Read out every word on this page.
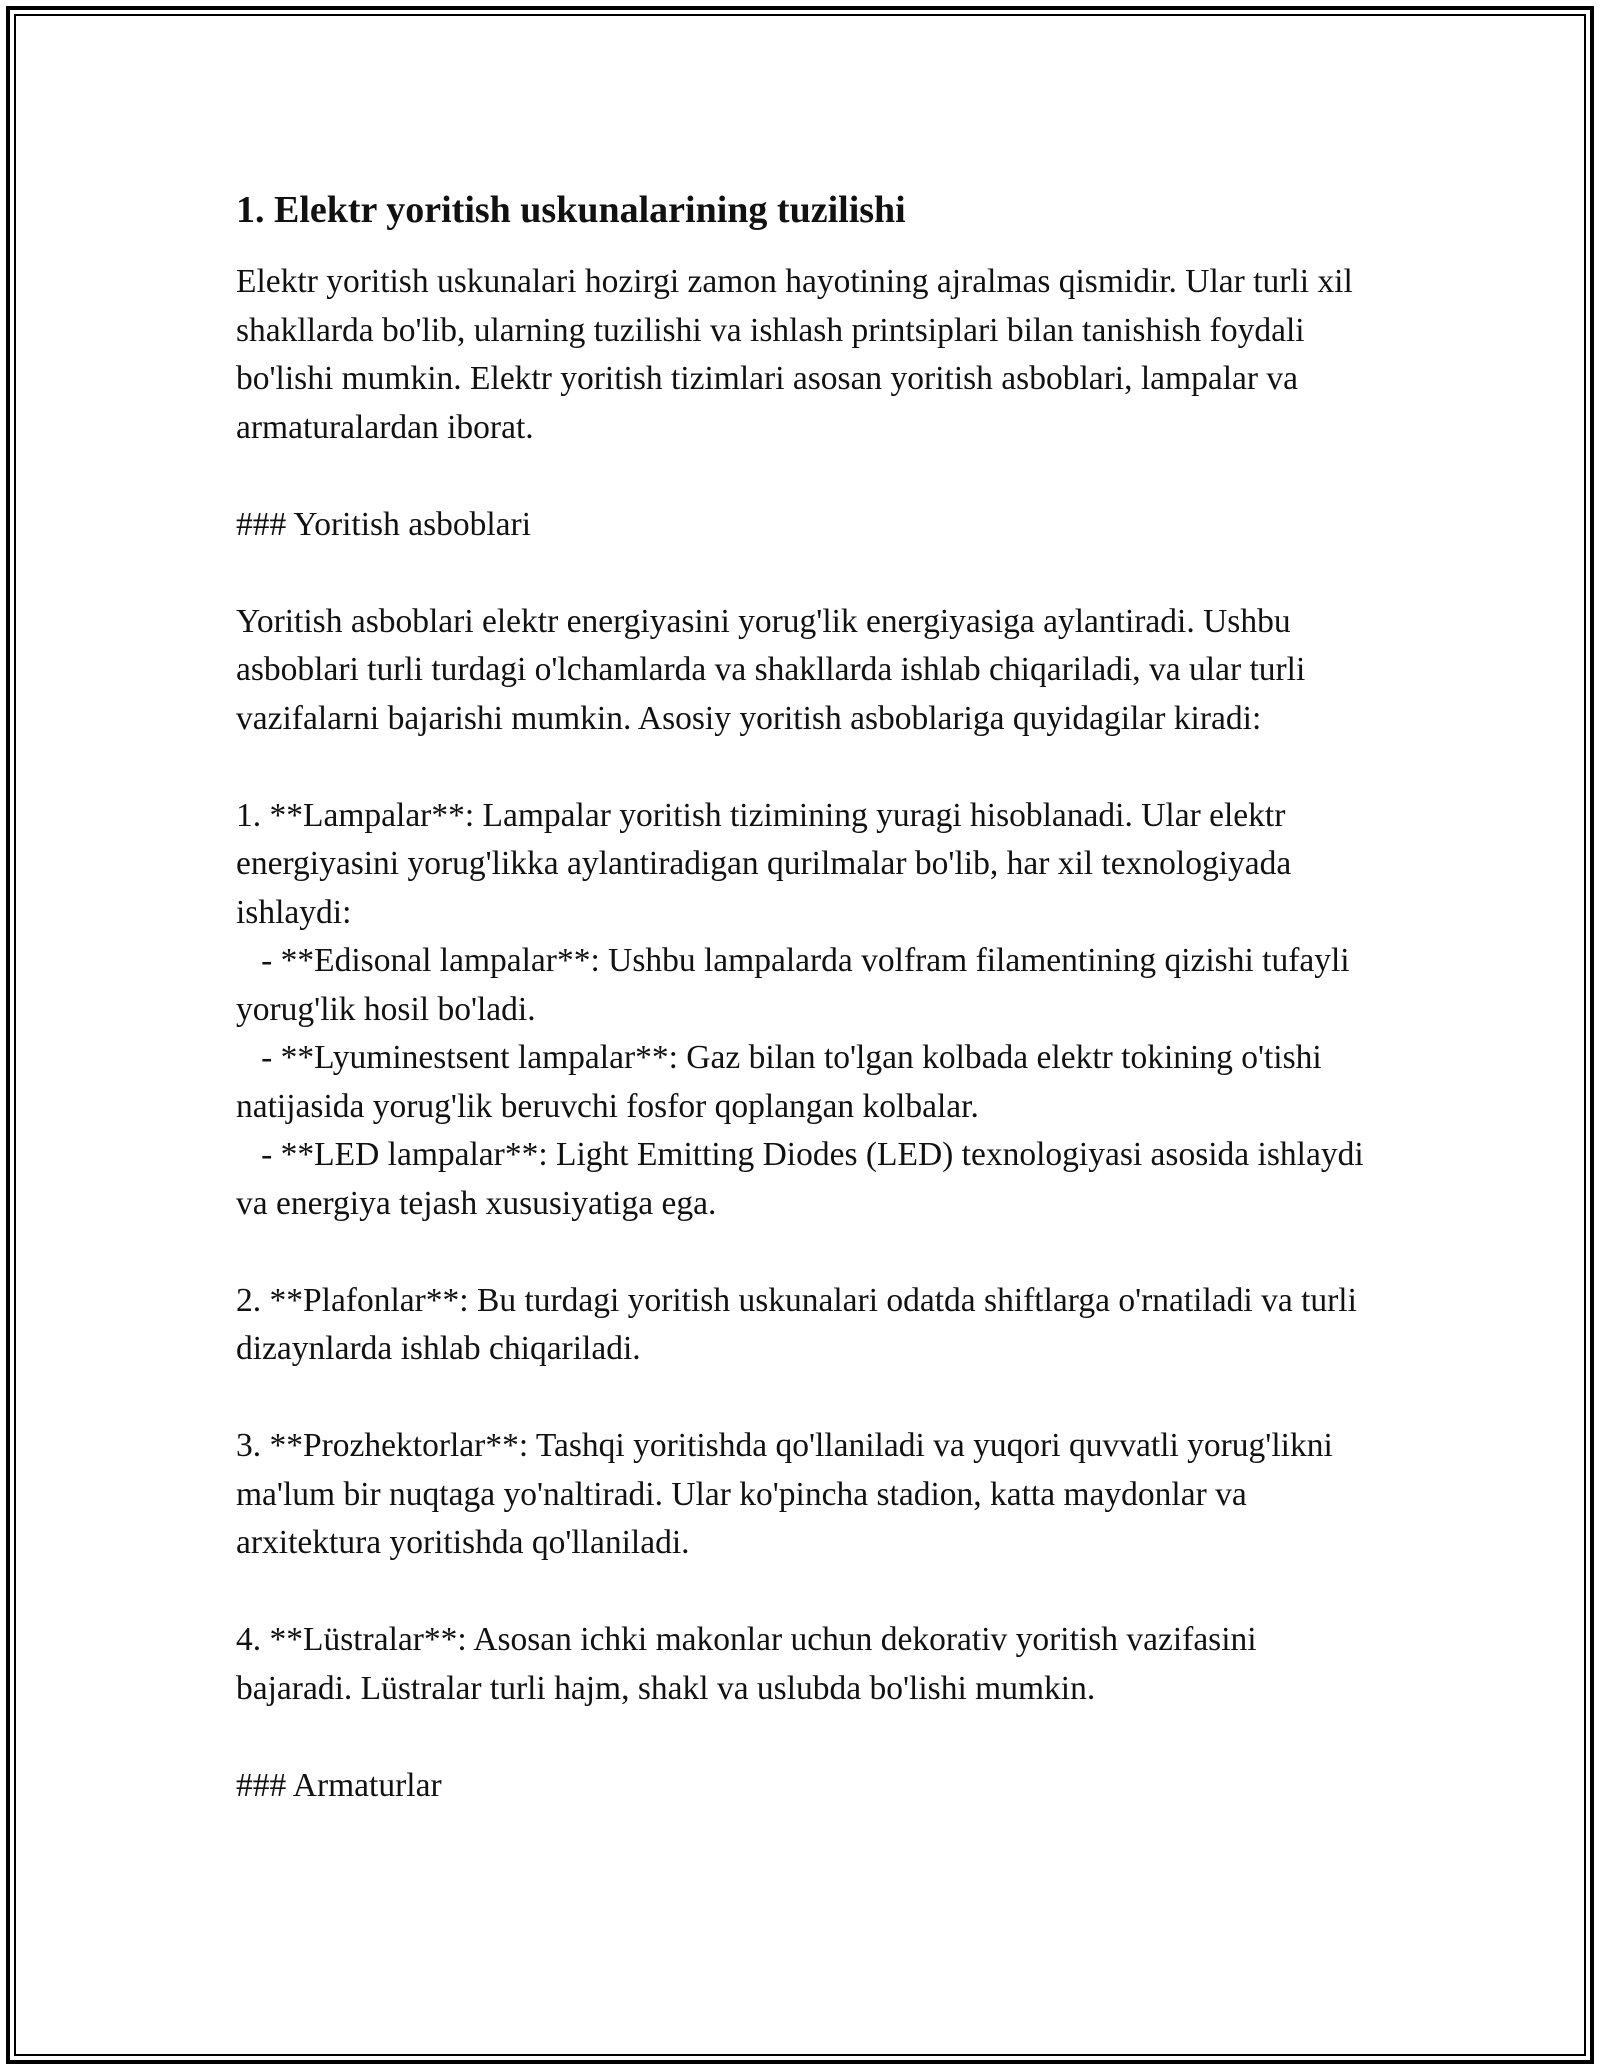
1. Elektr yoritish uskunalarining tuzilishi
Elektr yoritish uskunalari hozirgi zamon hayotining ajralmas qismidir. Ular turli xil shakllarda bo'lib, ularning tuzilishi va ishlash printsiplari bilan tanishish foydali bo'lishi mumkin. Elektr yoritish tizimlari asosan yoritish asboblari, lampalar va armaturalardan iborat.

### Yoritish asboblari

Yoritish asboblari elektr energiyasini yorug'lik energiyasiga aylantiradi. Ushbu asboblari turli turdagi o'lchamlarda va shakllarda ishlab chiqariladi, va ular turli vazifalarni bajarishi mumkin. Asosiy yoritish asboblariga quyidagilar kiradi:

1. **Lampalar**: Lampalar yoritish tizimining yuragi hisoblanadi. Ular elektr energiyasini yorug'likka aylantiradigan qurilmalar bo'lib, har xil texnologiyada ishlaydi:
- **Edisonal lampalar**: Ushbu lampalarda volfram filamentining qizishi tufayli yorug'lik hosil bo'ladi.
- **Lyuminestsent lampalar**: Gaz bilan to'lgan kolbada elektr tokining o'tishi natijasida yorug'lik beruvchi fosfor qoplangan kolbalar.
- **LED lampalar**: Light Emitting Diodes (LED) texnologiyasi asosida ishlaydi va energiya tejash xususiyatiga ega.

2. **Plafonlar**: Bu turdagi yoritish uskunalari odatda shiftlarga o'rnatiladi va turli dizaynlarda ishlab chiqariladi.

3. **Prozhektorlar**: Tashqi yoritishda qo'llaniladi va yuqori quvvatli yorug'likni ma'lum bir nuqtaga yo'naltiradi. Ular ko'pincha stadion, katta maydonlar va arxitektura yoritishda qo'llaniladi.

4. **Lüstralar**: Asosan ichki makonlar uchun dekorativ yoritish vazifasini bajaradi. Lüstralar turli hajm, shakl va uslubda bo'lishi mumkin.

### Armaturlar
